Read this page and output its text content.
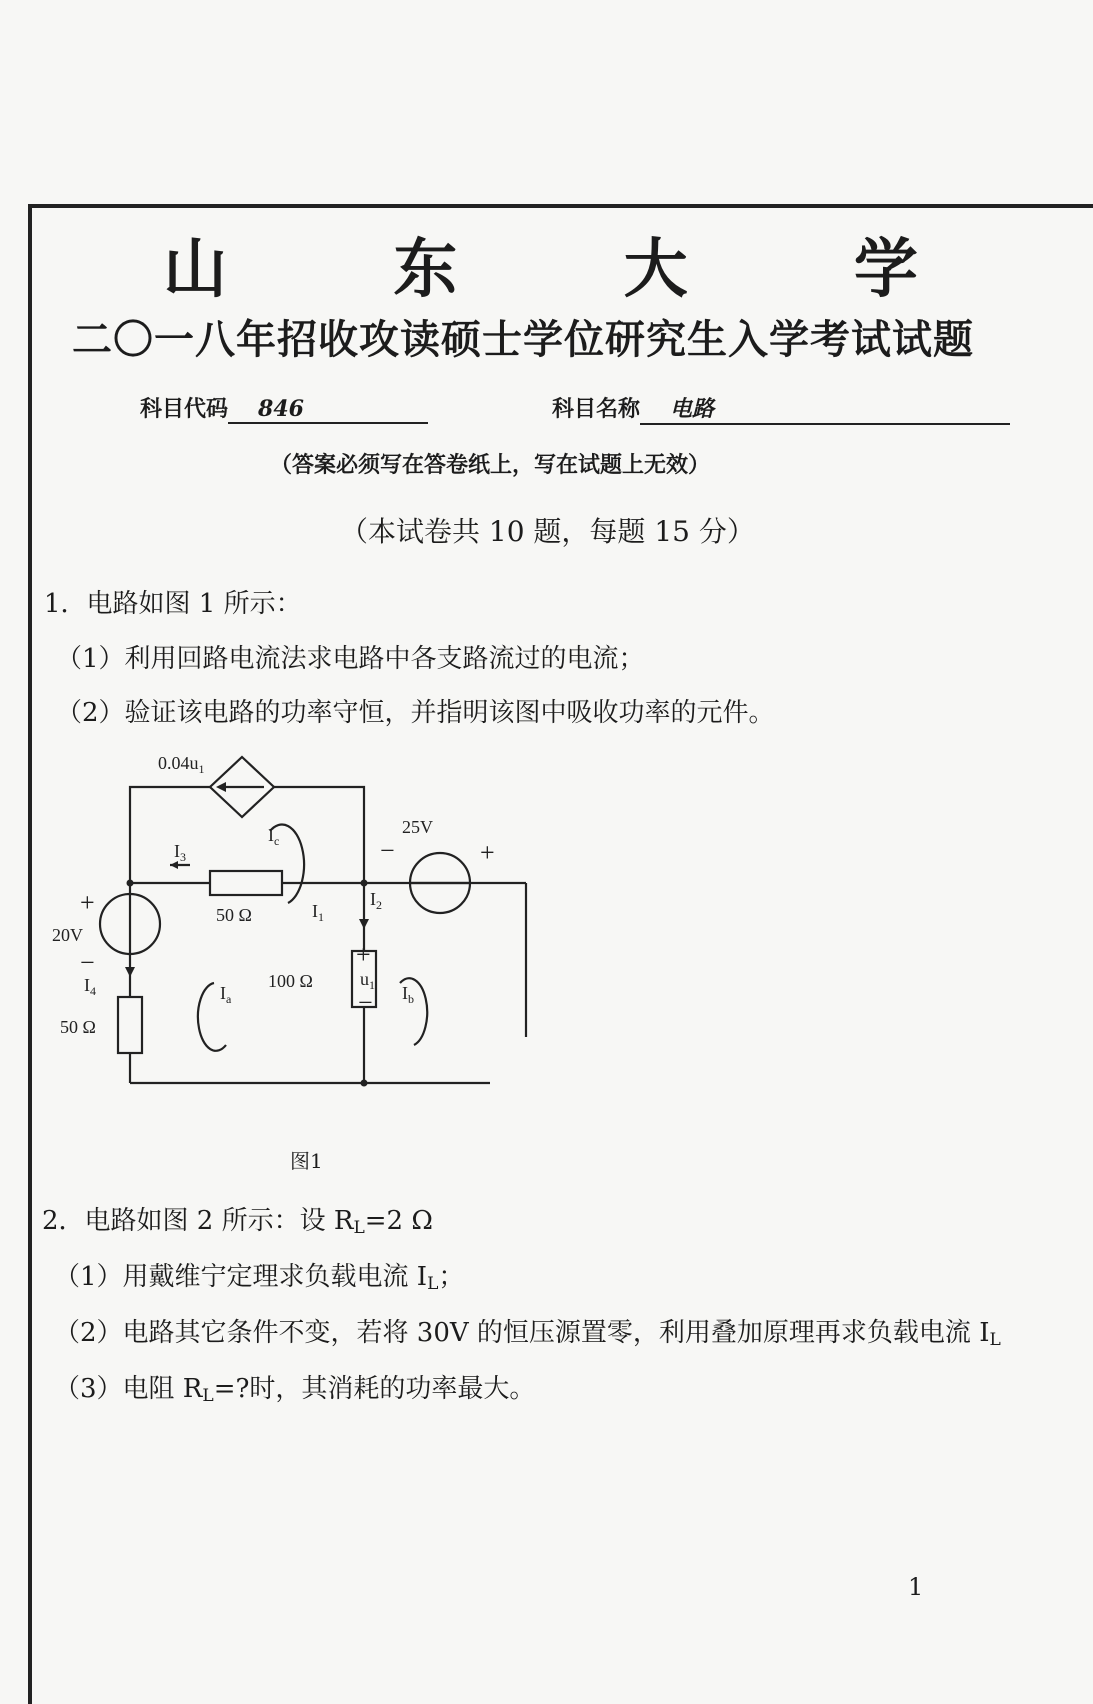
山 东 大 学
二〇一八年招收攻读硕士学位研究生入学考试试题
科目代码 846	科目名称 电路
（答案必须写在答卷纸上，写在试题上无效）
（本试卷共 10 题，每题 15 分）
1．电路如图 1 所示：
（1）利用回路电流法求电路中各支路流过的电流；
（2）验证该电路的功率守恒，并指明该图中吸收功率的元件。
$0.04u_1$
$I_c$
25V
−	+
$I_3$
50 Ω	$I_1$
$I_2$
+
20V
−
$I_4$
50 Ω
$I_a$
100 Ω
+
$u_1$
− $I_b$
图1
2．电路如图 2 所示：设 $R_L=2$ Ω
（1）用戴维宁定理求负载电流 $I_L$；
（2）电路其它条件不变，若将 30V 的恒压源置零，利用叠加原理再求负载电流 $I_L$
（3）电阻 $R_L=$?时，其消耗的功率最大。
1
